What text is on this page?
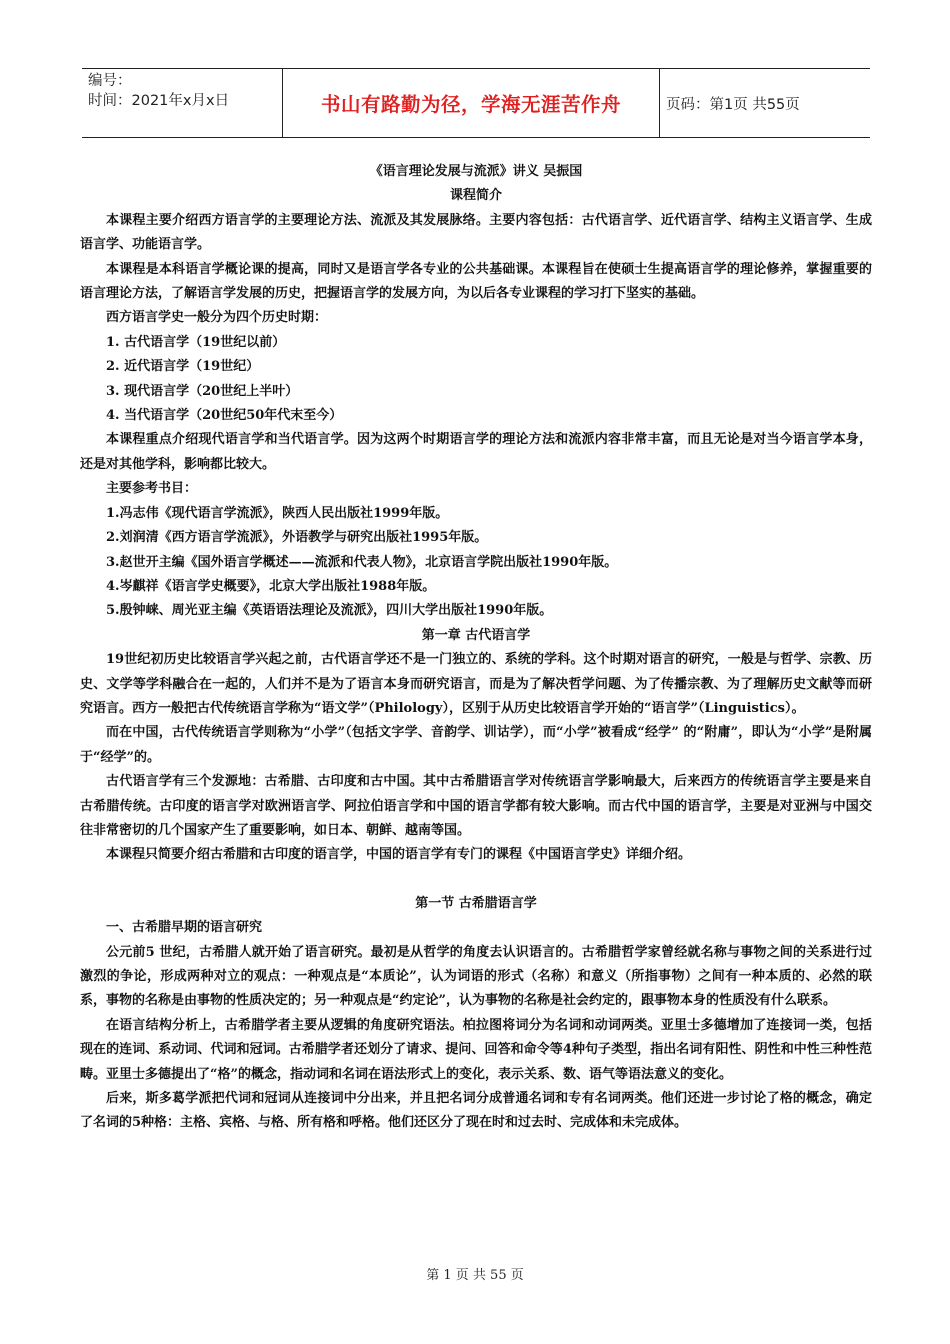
编号：
时间：2021年x月x日	书山有路勤为径，学海无涯苦作舟	页码：第1页 共55页

《语言理论发展与流派》讲义 吴振国

课程简介

本课程主要介绍西方语言学的主要理论方法、流派及其发展脉络。主要内容包括：古代语言学、近代语言学、结构主义语言学、生成语言学、功能语言学。

本课程是本科语言学概论课的提高，同时又是语言学各专业的公共基础课。本课程旨在使硕士生提高语言学的理论修养，掌握重要的语言理论方法，了解语言学发展的历史，把握语言学的发展方向，为以后各专业课程的学习打下坚实的基础。

西方语言学史一般分为四个历史时期：

1. 古代语言学（19世纪以前）

2. 近代语言学（19世纪）

3. 现代语言学（20世纪上半叶）

4. 当代语言学（20世纪50年代末至今）

本课程重点介绍现代语言学和当代语言学。因为这两个时期语言学的理论方法和流派内容非常丰富，而且无论是对当今语言学本身，还是对其他学科，影响都比较大。

主要参考书目：

1.冯志伟《现代语言学流派》，陕西人民出版社1999年版。

2.刘润清《西方语言学流派》，外语教学与研究出版社1995年版。

3.赵世开主编《国外语言学概述——流派和代表人物》，北京语言学院出版社1990年版。

4.岑麒祥《语言学史概要》，北京大学出版社1988年版。

5.殷钟崃、周光亚主编《英语语法理论及流派》，四川大学出版社1990年版。

第一章 古代语言学

19世纪初历史比较语言学兴起之前，古代语言学还不是一门独立的、系统的学科。这个时期对语言的研究，一般是与哲学、宗教、历史、文学等学科融合在一起的，人们并不是为了语言本身而研究语言，而是为了解决哲学问题、为了传播宗教、为了理解历史文献等而研究语言。西方一般把古代传统语言学称为“语文学”（Philology），区别于从历史比较语言学开始的“语言学”（Linguistics）。

而在中国，古代传统语言学则称为“小学”（包括文字学、音韵学、训诂学），而“小学”被看成“经学” 的“附庸”，即认为“小学”是附属于“经学”的。

古代语言学有三个发源地：古希腊、古印度和古中国。其中古希腊语言学对传统语言学影响最大，后来西方的传统语言学主要是来自古希腊传统。古印度的语言学对欧洲语言学、阿拉伯语言学和中国的语言学都有较大影响。而古代中国的语言学，主要是对亚洲与中国交往非常密切的几个国家产生了重要影响，如日本、朝鲜、越南等国。

本课程只简要介绍古希腊和古印度的语言学，中国的语言学有专门的课程《中国语言学史》详细介绍。

第一节 古希腊语言学

一、古希腊早期的语言研究

公元前5 世纪，古希腊人就开始了语言研究。最初是从哲学的角度去认识语言的。古希腊哲学家曾经就名称与事物之间的关系进行过激烈的争论，形成两种对立的观点：一种观点是“本质论”，认为词语的形式（名称）和意义（所指事物）之间有一种本质的、必然的联系，事物的名称是由事物的性质决定的；另一种观点是“约定论”，认为事物的名称是社会约定的，跟事物本身的性质没有什么联系。

在语言结构分析上，古希腊学者主要从逻辑的角度研究语法。柏拉图将词分为名词和动词两类。亚里士多德增加了连接词一类，包括现在的连词、系动词、代词和冠词。古希腊学者还划分了请求、提问、回答和命令等4种句子类型，指出名词有阳性、阴性和中性三种性范畴。亚里士多德提出了“格”的概念，指动词和名词在语法形式上的变化，表示关系、数、语气等语法意义的变化。

后来，斯多葛学派把代词和冠词从连接词中分出来，并且把名词分成普通名词和专有名词两类。他们还进一步讨论了格的概念，确定了名词的5种格：主格、宾格、与格、所有格和呼格。他们还区分了现在时和过去时、完成体和未完成体。

第 1 页 共 55 页
